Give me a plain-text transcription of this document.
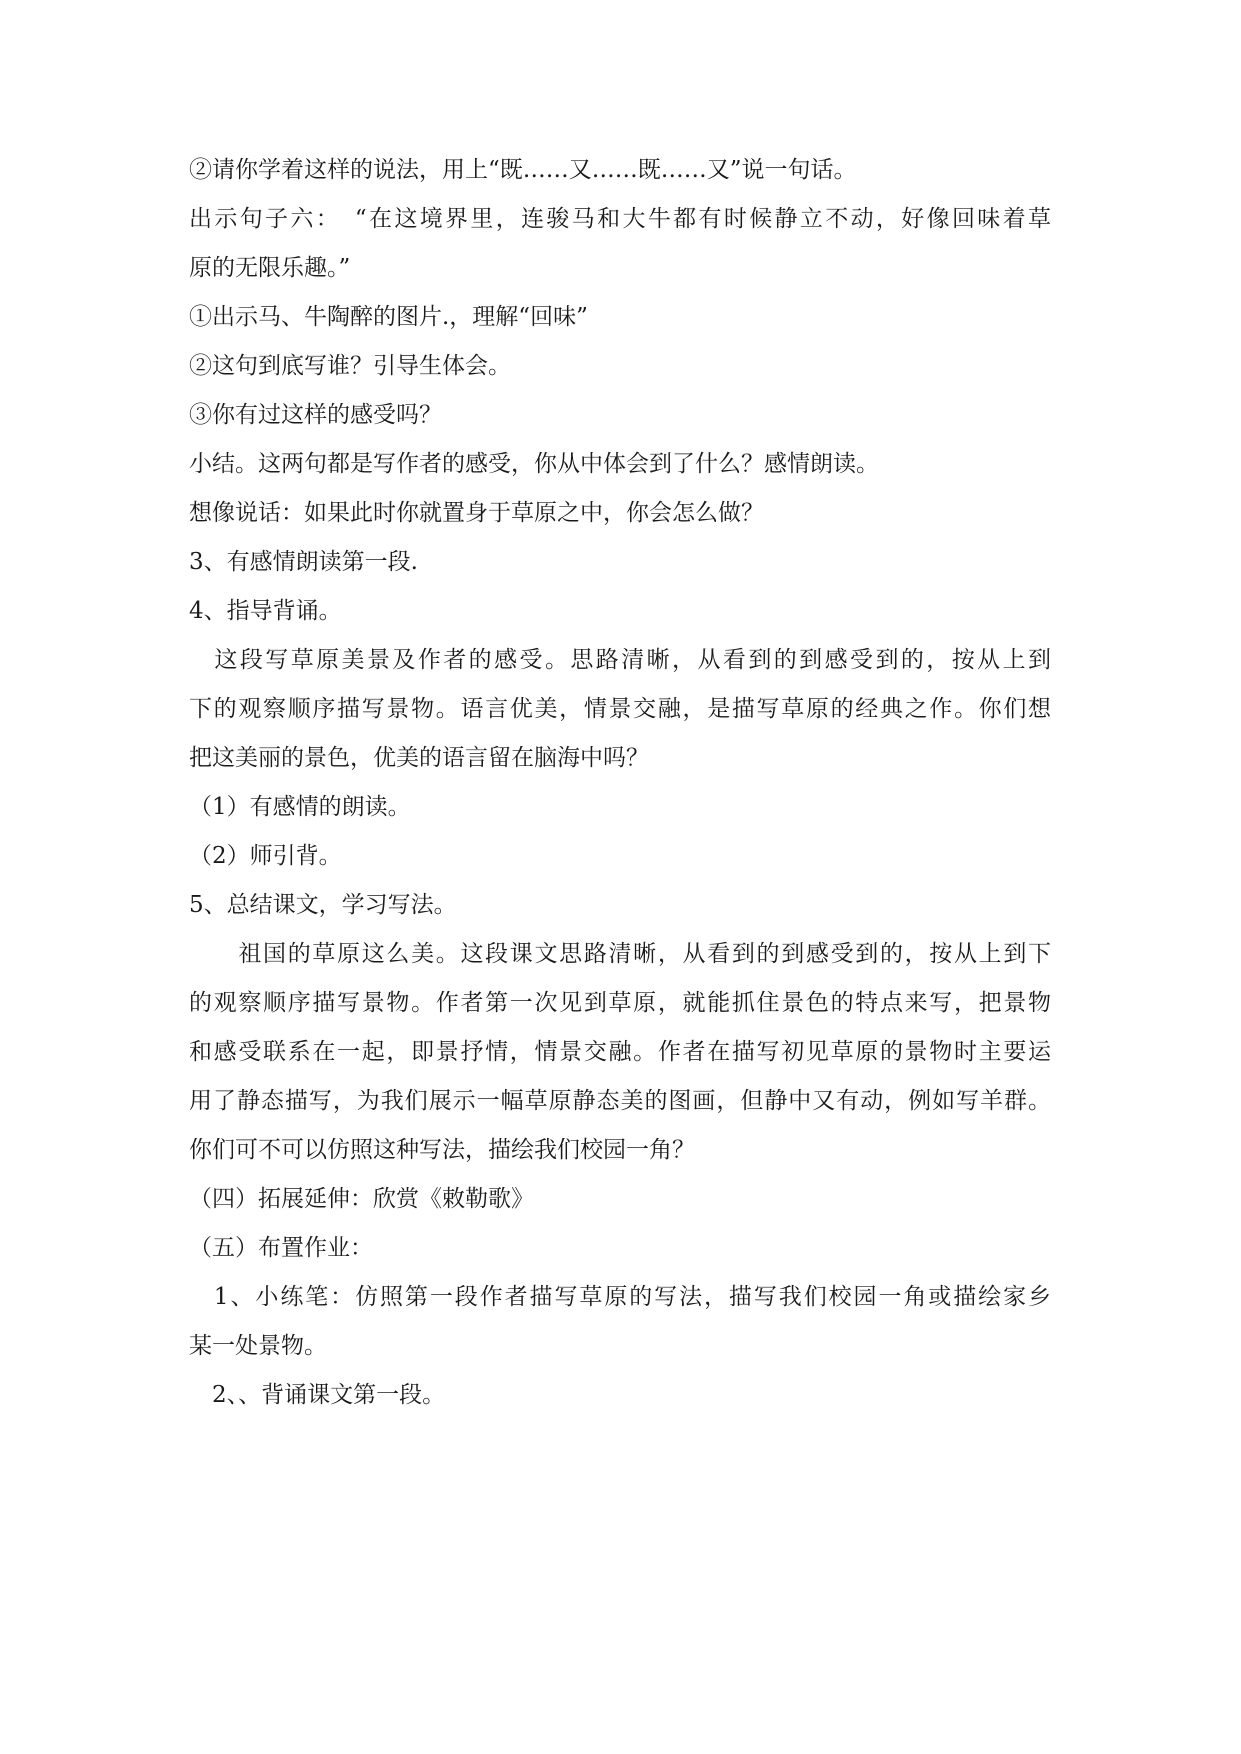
②请你学着这样的说法，用上“既……又……既……又”说一句话。
出示句子六：　“在这境界里，连骏马和大牛都有时候静立不动，好像回味着草
原的无限乐趣。”
①出示马、牛陶醉的图片.，理解“回味”
②这句到底写谁？引导生体会。
③你有过这样的感受吗？
小结。这两句都是写作者的感受，你从中体会到了什么？感情朗读。
想像说话：如果此时你就置身于草原之中，你会怎么做？
3、有感情朗读第一段.
4、指导背诵。
　这段写草原美景及作者的感受。思路清晰，从看到的到感受到的，按从上到
下的观察顺序描写景物。语言优美，情景交融，是描写草原的经典之作。你们想
把这美丽的景色，优美的语言留在脑海中吗？
（1）有感情的朗读。
（2）师引背。
5、总结课文，学习写法。
　　祖国的草原这么美。这段课文思路清晰，从看到的到感受到的，按从上到下
的观察顺序描写景物。作者第一次见到草原，就能抓住景色的特点来写，把景物
和感受联系在一起，即景抒情，情景交融。作者在描写初见草原的景物时主要运
用了静态描写，为我们展示一幅草原静态美的图画，但静中又有动，例如写羊群。
你们可不可以仿照这种写法，描绘我们校园一角？
（四）拓展延伸：欣赏《敕勒歌》
（五）布置作业：
　1、小练笔：仿照第一段作者描写草原的写法，描写我们校园一角或描绘家乡
某一处景物。
　2、、背诵课文第一段。
